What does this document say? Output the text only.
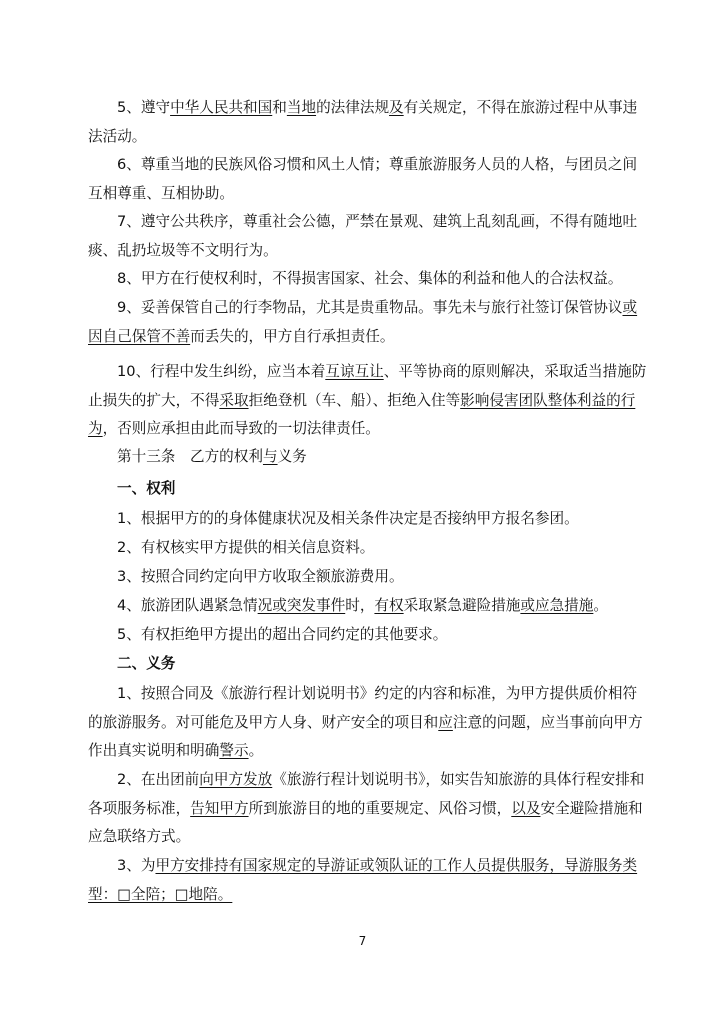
5、遵守中华人民共和国和当地的法律法规及有关规定，不得在旅游过程中从事违法活动。

6、尊重当地的民族风俗习惯和风土人情；尊重旅游服务人员的人格，与团员之间互相尊重、互相协助。

7、遵守公共秩序，尊重社会公德，严禁在景观、建筑上乱刻乱画，不得有随地吐痰、乱扔垃圾等不文明行为。

8、甲方在行使权利时，不得损害国家、社会、集体的利益和他人的合法权益。

9、妥善保管自己的行李物品，尤其是贵重物品。事先未与旅行社签订保管协议或因自己保管不善而丢失的，甲方自行承担责任。

10、行程中发生纠纷，应当本着互谅互让、平等协商的原则解决，采取适当措施防止损失的扩大，不得采取拒绝登机（车、船）、拒绝入住等影响侵害团队整体利益的行为，否则应承担由此而导致的一切法律责任。

第十三条　乙方的权利与义务

一、权利

1、根据甲方的的身体健康状况及相关条件决定是否接纳甲方报名参团。

2、有权核实甲方提供的相关信息资料。

3、按照合同约定向甲方收取全额旅游费用。

4、旅游团队遇紧急情况或突发事件时，有权采取紧急避险措施或应急措施。

5、有权拒绝甲方提出的超出合同约定的其他要求。

二、义务

1、按照合同及《旅游行程计划说明书》约定的内容和标准，为甲方提供质价相符的旅游服务。对可能危及甲方人身、财产安全的项目和应注意的问题，应当事前向甲方作出真实说明和明确警示。

2、在出团前向甲方发放《旅游行程计划说明书》，如实告知旅游的具体行程安排和各项服务标准，告知甲方所到旅游目的地的重要规定、风俗习惯，以及安全避险措施和应急联络方式。

3、为甲方安排持有国家规定的导游证或领队证的工作人员提供服务，导游服务类型：□全陪；□地陪。

7
